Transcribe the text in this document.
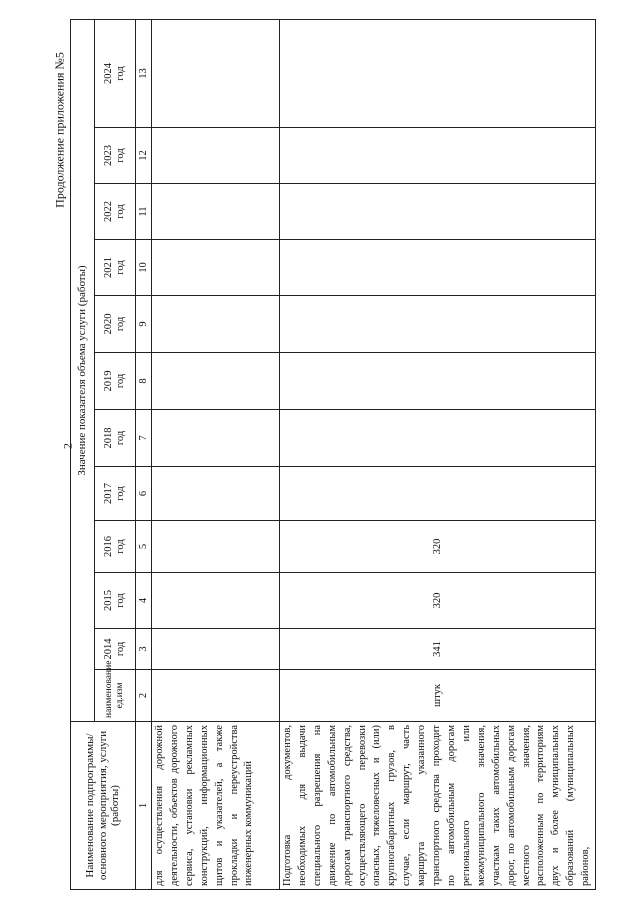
2
Продолжение приложения №5
Наименование подпрограммы/ основного мероприятия, услуги (работы)	Значение показателя объема услуги (работы)											
	наименование ед.изм	2014 год	2015 год	2016 год	2017 год	2018 год	2019 год	2020 год	2021 год	2022 год	2023 год	2024 год

1	2	3	4	5	6	7	8	9	10	11	12	13
для осуществления дорожной деятельности, объектов дорожного сервиса, установки рекламных конструкций, информационных щитов и указателей, а также прокладки и переустройства инженерных коммуникаций												
Подготовка документов, необходимых для выдачи специального разрешения на движение по автомобильным дорогам транспортного средства, осуществляющего перевозки опасных, тяжеловесных и (или) крупногабаритных грузов, в случае, если маршрут, часть маршрута указанного транспортного средства проходит по автомобильным дорогам регионального или межмуниципального значения, участкам таких автомобильных дорог, по автомобильным дорогам местного значения, расположенным по территориям двух и более муниципальных образований (муниципальных районов,	штук	341	320	320								
